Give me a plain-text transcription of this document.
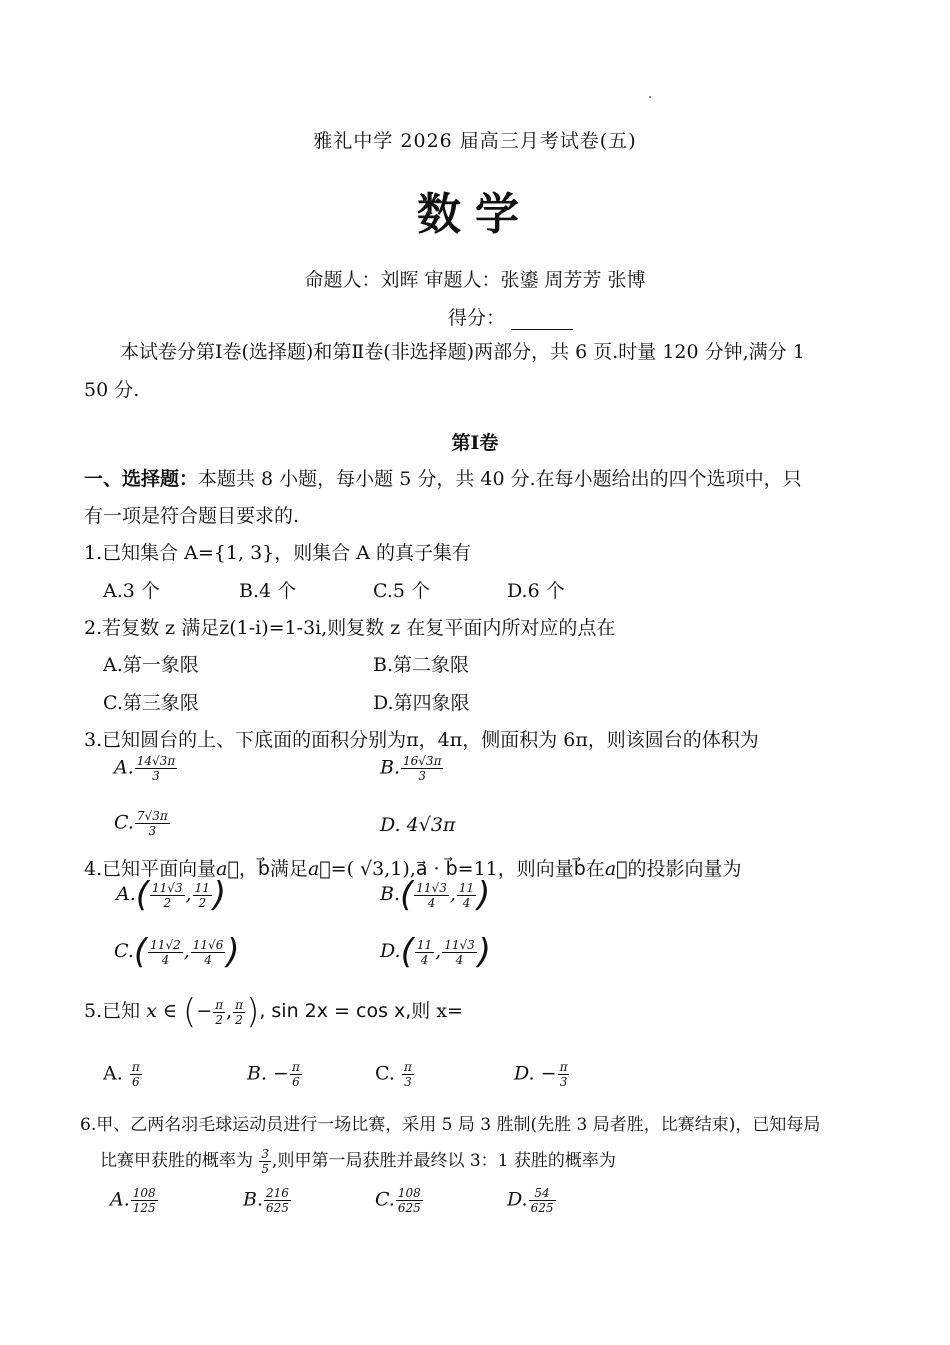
雅礼中学 2026 届高三月考试卷(五)
数学
命题人：刘晖 审题人：张鎏 周芳芳 张博
得分：
本试卷分第Ⅰ卷(选择题)和第Ⅱ卷(非选择题)两部分，共 6 页.时量 120 分钟,满分 1
50 分.
第Ⅰ卷
一、选择题：本题共 8 小题，每小题 5 分，共 40 分.在每小题给出的四个选项中，只
有一项是符合题目要求的.
1.已知集合 A={1, 3}，则集合 A 的真子集有
A.3 个	B.4 个	C.5 个	D.6 个
2.若复数 z 满足z̄(1-i)=1-3i,则复数 z 在复平面内所对应的点在
A.第一象限	B.第二象限
C.第三象限	D.第四象限
3.已知圆台的上、下底面的面积分别为π，4π，侧面积为 6π，则该圆台的体积为
A. $\frac{14√3\pi}{3}$	B. $\frac{16√3\pi}{3}$
C. $\frac{7√3\pi}{3}$	D. 4√3π
4.已知平面向量a⃗，b⃗满足a⃗=( √3,1),a⃗ · b⃗=11，则向量b⃗在a⃗的投影向量为
$A.( \frac{11√3}{2}$ , $\frac{11}{2}$ )	$B.( \frac{11√3}{4}$ , $\frac{11}{4}$ )
$C.( \frac{11√2}{4}$ , $\frac{11√6}{4}$ )	$D.( \frac{11}{4}$ , $\frac{11√3}{4}$ )
5.已知 x ∈ (− $\frac{\pi}{2}$ , $\frac{\pi}{2}$ ), sin 2x = cos x,则 x=
A. $\frac{\pi}{6}$	B. − $\frac{\pi}{6}$	C. $\frac{\pi}{3}$	D. − $\frac{\pi}{3}$
6.甲、乙两名羽毛球运动员进行一场比赛，采用 5 局 3 胜制(先胜 3 局者胜，比赛结束)，已知每局
比赛甲获胜的概率为 $\frac{3}{5}$ ,则甲第一局获胜并最终以 3：1 获胜的概率为
A. $\frac{108}{125}$	B. $\frac{216}{625}$	C. $\frac{108}{625}$	D. $\frac{54}{625}$
